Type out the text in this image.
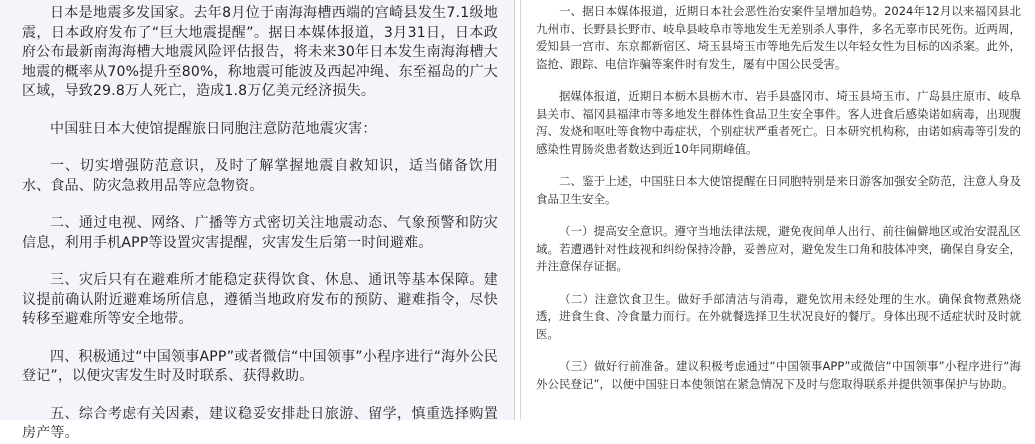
日本是地震多发国家。去年8月位于南海海槽西端的宫崎县发生7.1级地震，日本政府发布了“巨大地震提醒”。据日本媒体报道，3月31日，日本政府公布最新南海海槽大地震风险评估报告，将未来30年日本发生南海海槽大地震的概率从70%提升至80%，称地震可能波及西起冲绳、东至福岛的广大区域，导致29.8万人死亡，造成1.8万亿美元经济损失。

中国驻日本大使馆提醒旅日同胞注意防范地震灾害：

一、切实增强防范意识，及时了解掌握地震自救知识，适当储备饮用水、食品、防灾急救用品等应急物资。

二、通过电视、网络、广播等方式密切关注地震动态、气象预警和防灾信息，利用手机APP等设置灾害提醒，灾害发生后第一时间避难。

三、灾后只有在避难所才能稳定获得饮食、休息、通讯等基本保障。建议提前确认附近避难场所信息，遵循当地政府发布的预防、避难指令，尽快转移至避难所等安全地带。

四、积极通过“中国领事APP”或者微信“中国领事”小程序进行“海外公民登记”，以便灾害发生时及时联系、获得救助。

五、综合考虑有关因素，建议稳妥安排赴日旅游、留学，慎重选择购置房产等。

一、据日本媒体报道，近期日本社会恶性治安案件呈增加趋势。2024年12月以来福冈县北九州市、长野县长野市、岐阜县岐阜市等地发生无差别杀人事件，多名无辜市民死伤。近两周，爱知县一宫市、东京都新宿区、埼玉县埼玉市等地先后发生以年轻女性为目标的凶杀案。此外，盗抢、跟踪、电信诈骗等案件时有发生，屡有中国公民受害。

据媒体报道，近期日本栃木县栃木市、岩手县盛冈市、埼玉县埼玉市、广岛县庄原市、岐阜县关市、福冈县福津市等多地发生群体性食品卫生安全事件。客人进食后感染诺如病毒，出现腹泻、发烧和呕吐等食物中毒症状，个别症状严重者死亡。日本研究机构称，由诺如病毒等引发的感染性胃肠炎患者数达到近10年同期峰值。

二、鉴于上述，中国驻日本大使馆提醒在日同胞特别是来日游客加强安全防范，注意人身及食品卫生安全。

（一）提高安全意识。遵守当地法律法规，避免夜间单人出行、前往偏僻地区或治安混乱区域。若遭遇针对性歧视和纠纷保持冷静，妥善应对，避免发生口角和肢体冲突，确保自身安全，并注意保存证据。

（二）注意饮食卫生。做好手部清洁与消毒，避免饮用未经处理的生水。确保食物煮熟烧透，进食生食、冷食量力而行。在外就餐选择卫生状况良好的餐厅。身体出现不适症状时及时就医。

（三）做好行前准备。建议积极考虑通过“中国领事APP”或微信“中国领事”小程序进行“海外公民登记”，以便中国驻日本使领馆在紧急情况下及时与您取得联系并提供领事保护与协助。
